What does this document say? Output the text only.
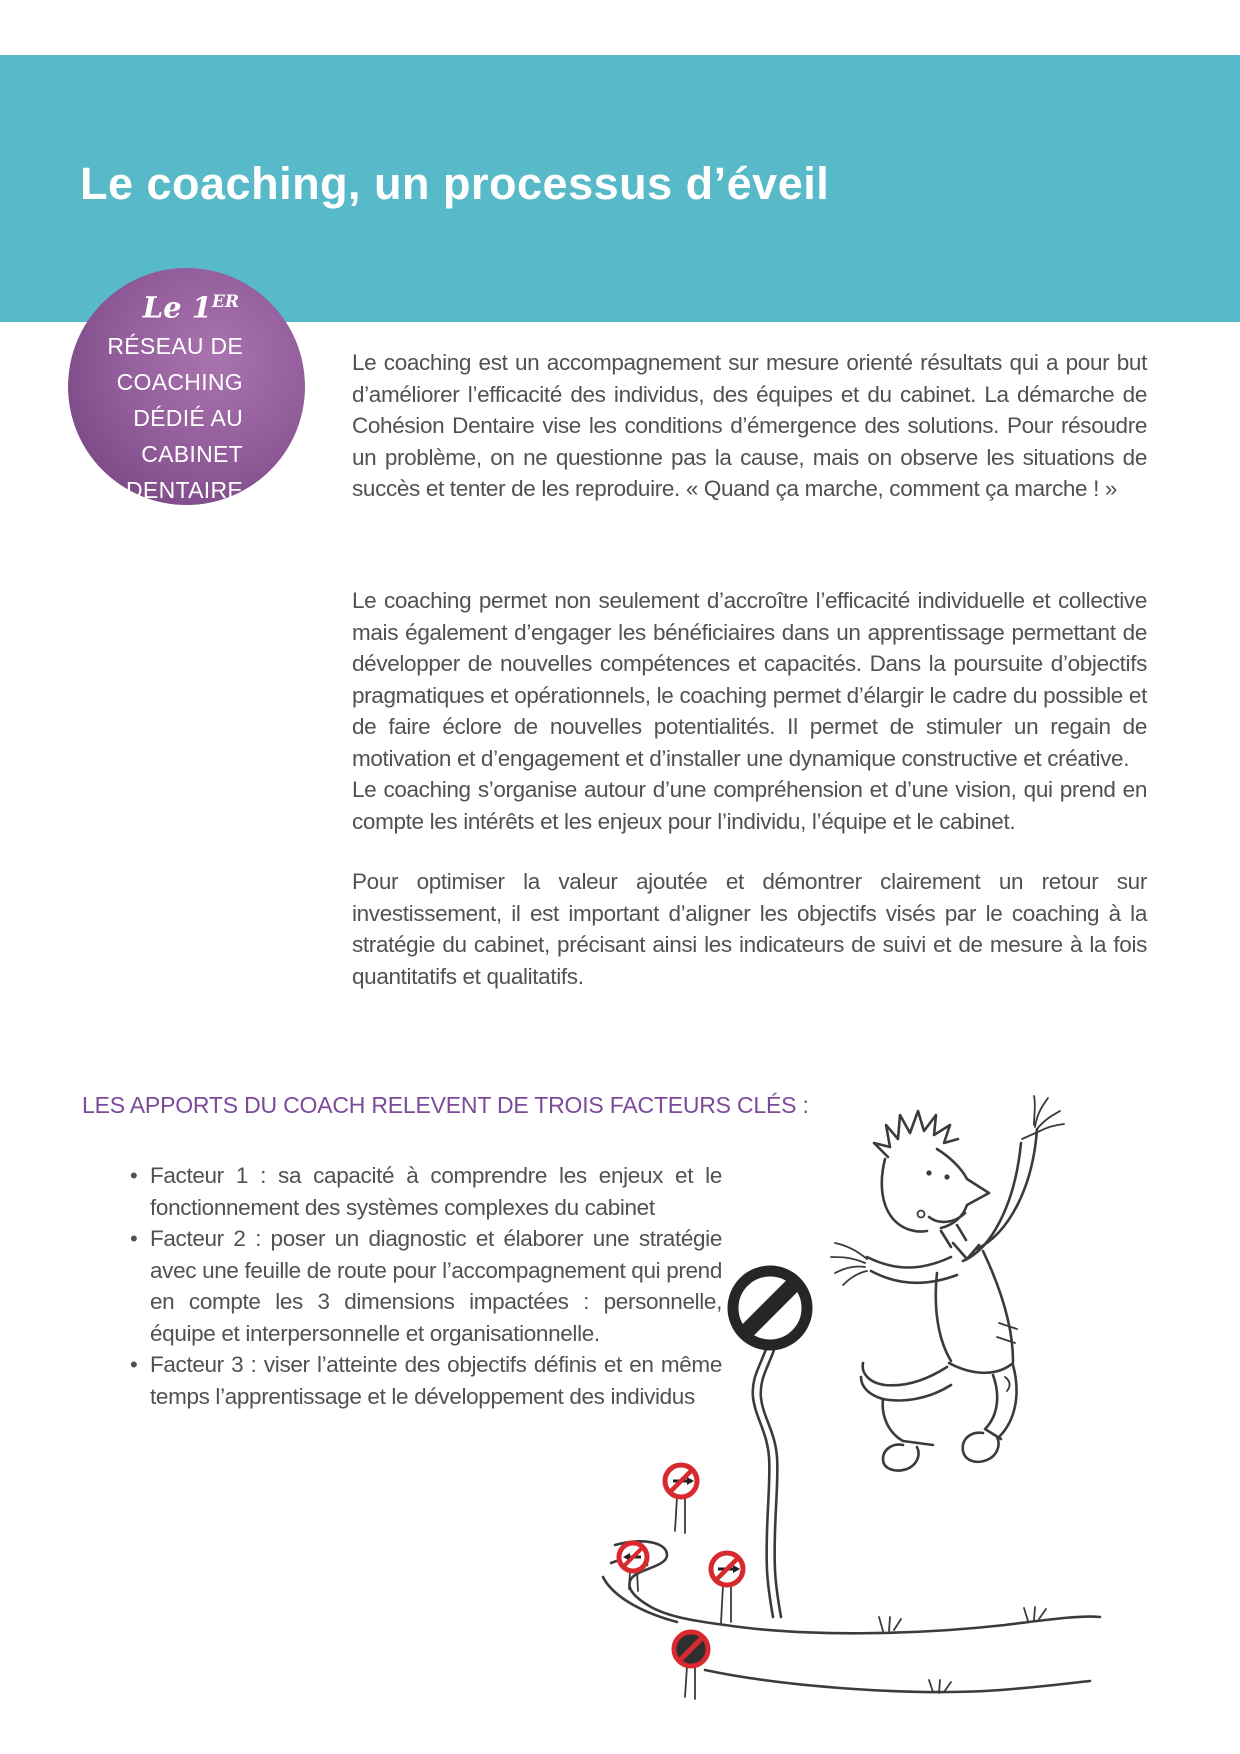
Le coaching, un processus d’éveil
Le 1ER
RÉSEAU DE
COACHING
DÉDIÉ AU
CABINET
DENTAIRE

Le coaching est un accompagnement sur mesure orienté résultats qui a pour but d’améliorer l’efficacité des individus, des équipes et du cabinet. La démarche de Cohésion Dentaire vise les conditions d’émergence des solutions. Pour résoudre un problème, on ne questionne pas la cause, mais on observe les situations de succès et tenter de les reproduire. « Quand ça marche, comment ça marche ! »

Le coaching permet non seulement d’accroître l’efficacité individuelle et collective mais également d’engager les bénéficiaires dans un apprentissage permettant de développer de nouvelles compétences et capacités. Dans la poursuite d’objectifs pragmatiques et opérationnels, le coaching permet d’élargir le cadre du possible et de faire éclore de nouvelles potentialités. Il permet de stimuler un regain de motivation et d’engagement et d’installer une dynamique constructive et créative.

Le coaching s’organise autour d’une compréhension et d’une vision, qui prend en compte les intérêts et les enjeux pour l’individu, l’équipe et le cabinet.

Pour optimiser la valeur ajoutée et démontrer clairement un retour sur investissement, il est important d’aligner les objectifs visés par le coaching à la stratégie du cabinet, précisant ainsi les indicateurs de suivi et de mesure à la fois quantitatifs et qualitatifs.

LES APPORTS DU COACH RELEVENT DE TROIS FACTEURS CLÉS :
• Facteur 1 : sa capacité à comprendre les enjeux et le fonctionnement des systèmes complexes du cabinet
• Facteur 2 : poser un diagnostic et élaborer une stratégie avec une feuille de route pour l’accompagnement qui prend en compte les 3 dimensions impactées : personnelle, équipe et interpersonnelle et organisationnelle.
• Facteur 3 : viser l’atteinte des objectifs définis et en même temps l’apprentissage et le développement des individus
